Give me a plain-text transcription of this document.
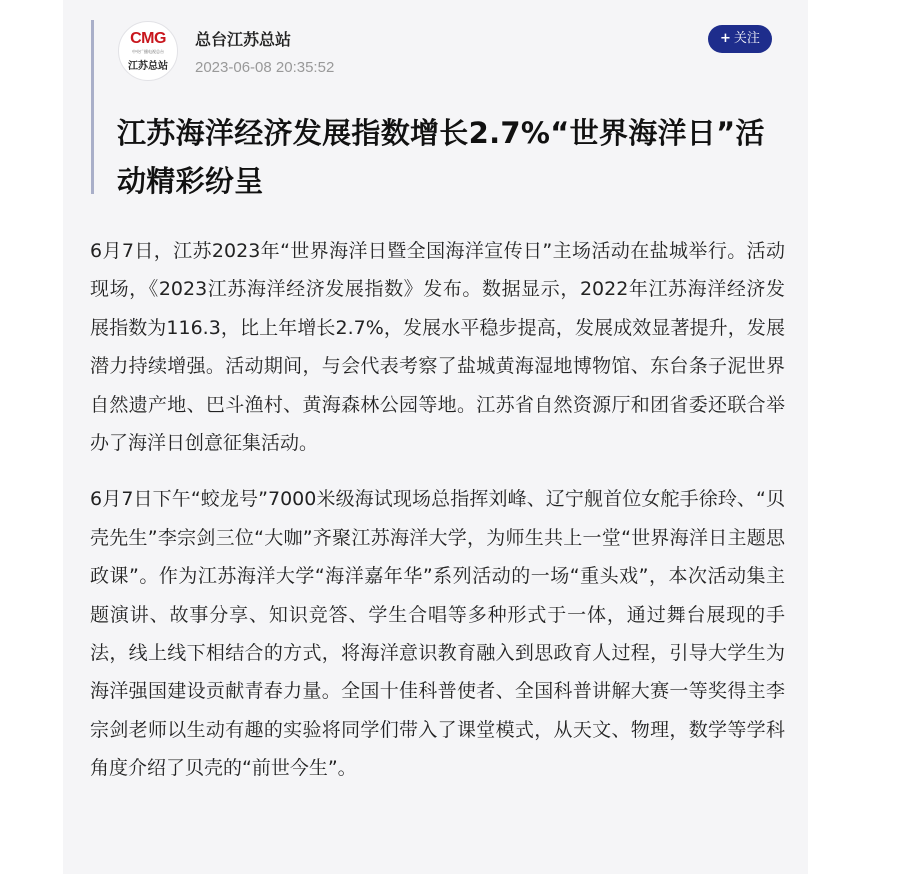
CMG
中央广播电视总台
江苏总站
总台江苏总站
2023-06-08 20:35:52
+ 关注
江苏海洋经济发展指数增长2.7%“世界海洋日”活动精彩纷呈

6月7日，江苏2023年“世界海洋日暨全国海洋宣传日”主场活动在盐城举行。活动现场，《2023江苏海洋经济发展指数》发布。数据显示，2022年江苏海洋经济发展指数为116.3，比上年增长2.7%，发展水平稳步提高，发展成效显著提升，发展潜力持续增强。活动期间，与会代表考察了盐城黄海湿地博物馆、东台条子泥世界自然遗产地、巴斗渔村、黄海森林公园等地。江苏省自然资源厅和团省委还联合举办了海洋日创意征集活动。

6月7日下午“蛟龙号”7000米级海试现场总指挥刘峰、辽宁舰首位女舵手徐玲、“贝壳先生”李宗剑三位“大咖”齐聚江苏海洋大学，为师生共上一堂“世界海洋日主题思政课”。作为江苏海洋大学“海洋嘉年华”系列活动的一场“重头戏”，本次活动集主题演讲、故事分享、知识竞答、学生合唱等多种形式于一体，通过舞台展现的手法，线上线下相结合的方式，将海洋意识教育融入到思政育人过程，引导大学生为海洋强国建设贡献青春力量。全国十佳科普使者、全国科普讲解大赛一等奖得主李宗剑老师以生动有趣的实验将同学们带入了课堂模式，从天文、物理，数学等学科角度介绍了贝壳的“前世今生”。
